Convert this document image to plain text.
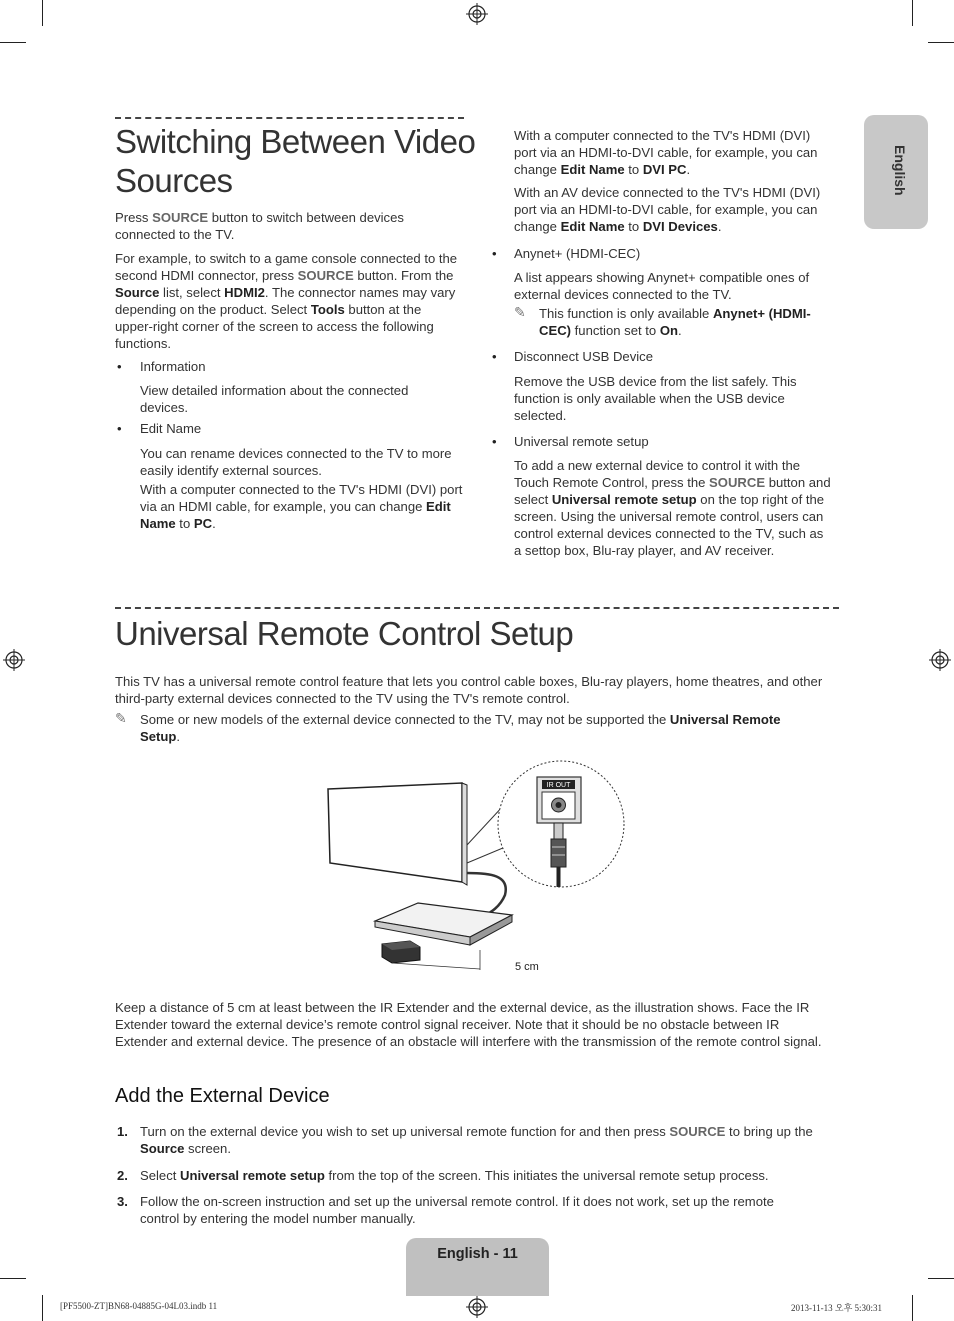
English
Switching Between Video
Sources

Press SOURCE button to switch between devices connected to the TV.

For example, to switch to a game console connected to the second HDMI connector, press SOURCE button. From the Source list, select HDMI2. The connector names may vary depending on the product. Select Tools button at the upper-right corner of the screen to access the following functions.

• Information

View detailed information about the connected devices.

• Edit Name

You can rename devices connected to the TV to more easily identify external sources.

With a computer connected to the TV's HDMI (DVI) port via an HDMI cable, for example, you can change Edit Name to PC.

With a computer connected to the TV's HDMI (DVI) port via an HDMI-to-DVI cable, for example, you can change Edit Name to DVI PC.

With an AV device connected to the TV's HDMI (DVI) port via an HDMI-to-DVI cable, for example, you can change Edit Name to DVI Devices.

• Anynet+ (HDMI-CEC)

A list appears showing Anynet+ compatible ones of external devices connected to the TV.

✎ This function is only available Anynet+ (HDMI-
CEC) function set to On.

• Disconnect USB Device

Remove the USB device from the list safely. This function is only available when the USB device selected.

• Universal remote setup

To add a new external device to control it with the Touch Remote Control, press the SOURCE button and select Universal remote setup on the top right of the screen. Using the universal remote control, users can control external devices connected to the TV, such as a settop box, Blu-ray player, and AV receiver.

Universal Remote Control Setup

This TV has a universal remote control feature that lets you control cable boxes, Blu-ray players, home theatres, and other third-party external devices connected to the TV using the TV's remote control.

✎ Some or new models of the external device connected to the TV, may not be supported the Universal Remote
Setup.

IR OUT
5 cm

Keep a distance of 5 cm at least between the IR Extender and the external device, as the illustration shows. Face the IR Extender toward the external device’s remote control signal receiver. Note that it should be no obstacle between IR Extender and external device. The presence of an obstacle will interfere with the transmission of the remote control signal.

Add the External Device
1. Turn on the external device you wish to set up universal remote function for and then press SOURCE to bring up the Source screen.

2. Select Universal remote setup from the top of the screen. This initiates the universal remote setup process.

3. Follow the on-screen instruction and set up the universal remote control. If it does not work, set up the remote control by entering the model number manually.

English - 11
[PF5500-ZT]BN68-04885G-04L03.indb 11	2013-11-13 오후 5:30:31
